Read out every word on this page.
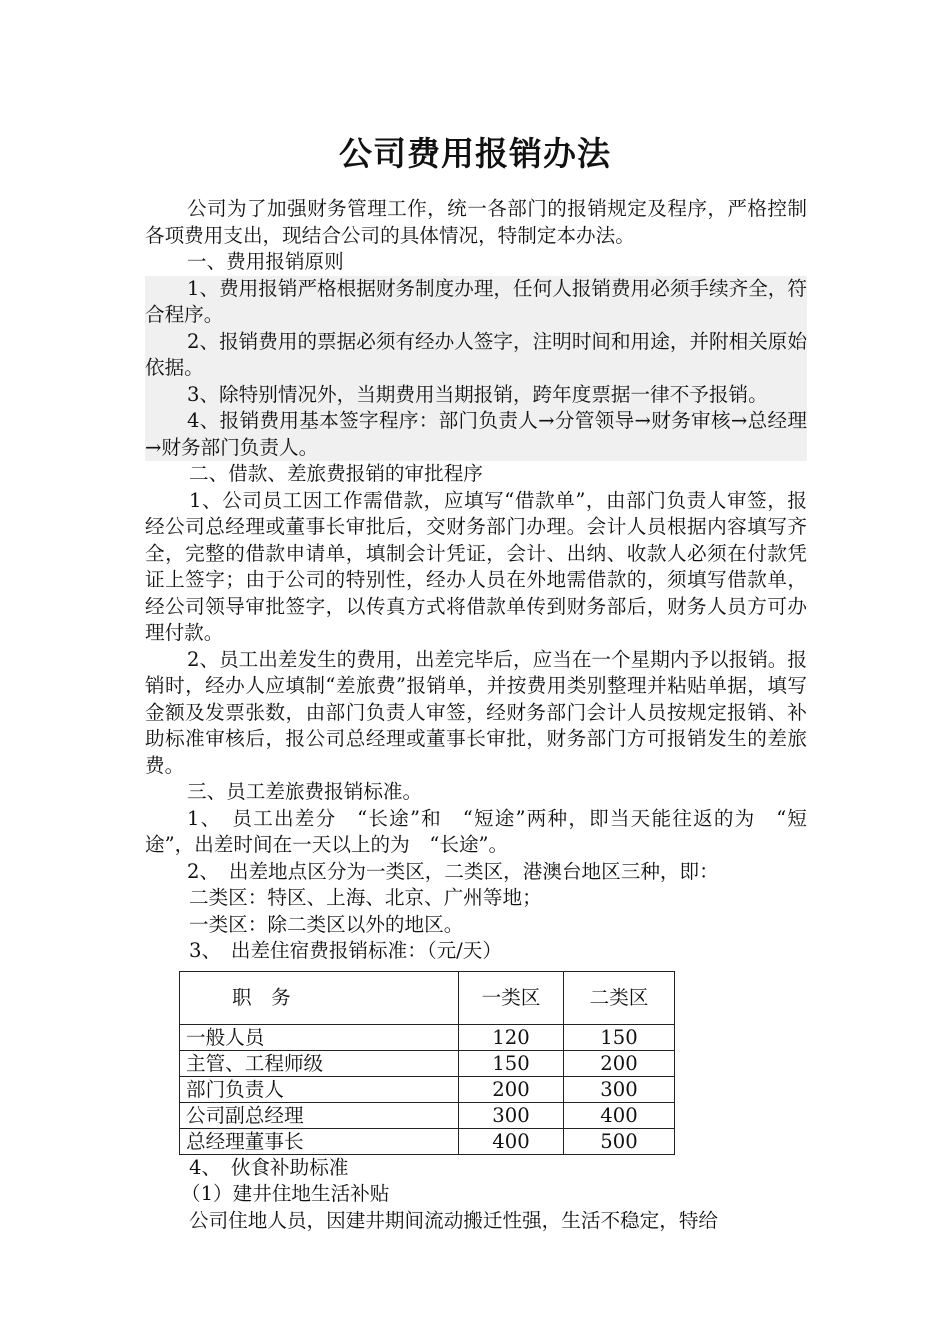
公司费用报销办法

公司为了加强财务管理工作，统一各部门的报销规定及程序，严格控制各项费用支出，现结合公司的具体情况，特制定本办法。

一、费用报销原则

1、费用报销严格根据财务制度办理，任何人报销费用必须手续齐全，符合程序。

2、报销费用的票据必须有经办人签字，注明时间和用途，并附相关原始依据。

3、除特别情况外，当期费用当期报销，跨年度票据一律不予报销。

4、报销费用基本签字程序：部门负责人→分管领导→财务审核→总经理→财务部门负责人。

二、借款、差旅费报销的审批程序

1、公司员工因工作需借款，应填写“借款单”，由部门负责人审签，报经公司总经理或董事长审批后，交财务部门办理。会计人员根据内容填写齐全，完整的借款申请单，填制会计凭证，会计、出纳、收款人必须在付款凭证上签字；由于公司的特别性，经办人员在外地需借款的，须填写借款单，经公司领导审批签字，以传真方式将借款单传到财务部后，财务人员方可办理付款。

2、员工出差发生的费用，出差完毕后，应当在一个星期内予以报销。报销时，经办人应填制“差旅费”报销单，并按费用类别整理并粘贴单据，填写金额及发票张数，由部门负责人审签，经财务部门会计人员按规定报销、补助标准审核后，报公司总经理或董事长审批，财务部门方可报销发生的差旅费。

三、员工差旅费报销标准。

1、　员工出差分　“长途”和　“短途”两种，即当天能往返的为　“短途”，出差时间在一天以上的为　“长途”。

2、　出差地点区分为一类区，二类区，港澳台地区三种，即：

二类区：特区、上海、北京、广州等地；

一类区：除二类区以外的地区。

3、　出差住宿费报销标准：（元/天）

职　务	一类区	二类区
一般人员	120	150
主管、工程师级	150	200
部门负责人	200	300
公司副总经理	300	400
总经理董事长	400	500

4、　伙食补助标准

（1）建井住地生活补贴

公司住地人员，因建井期间流动搬迁性强，生活不稳定，特给
